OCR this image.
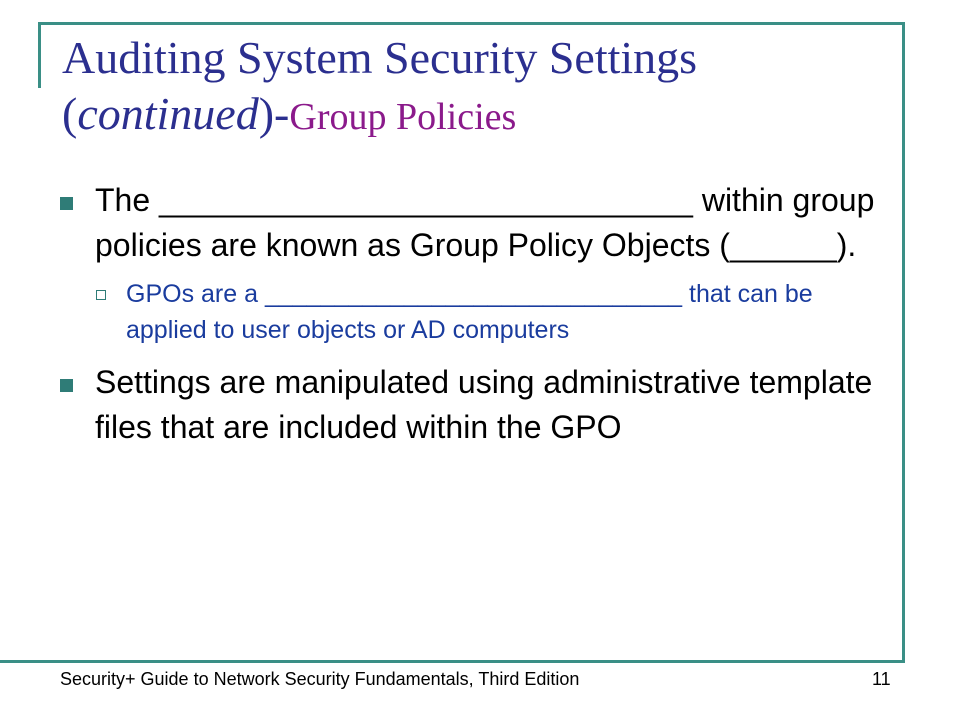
Auditing System Security Settings
(continued)-Group Policies

The ______________________________ within group policies are known as Group Policy Objects (______).

GPOs are a ______________________________ that can be applied to user objects or AD computers

Settings are manipulated using administrative template files that are included within the GPO

Security+ Guide to Network Security Fundamentals, Third Edition	11
